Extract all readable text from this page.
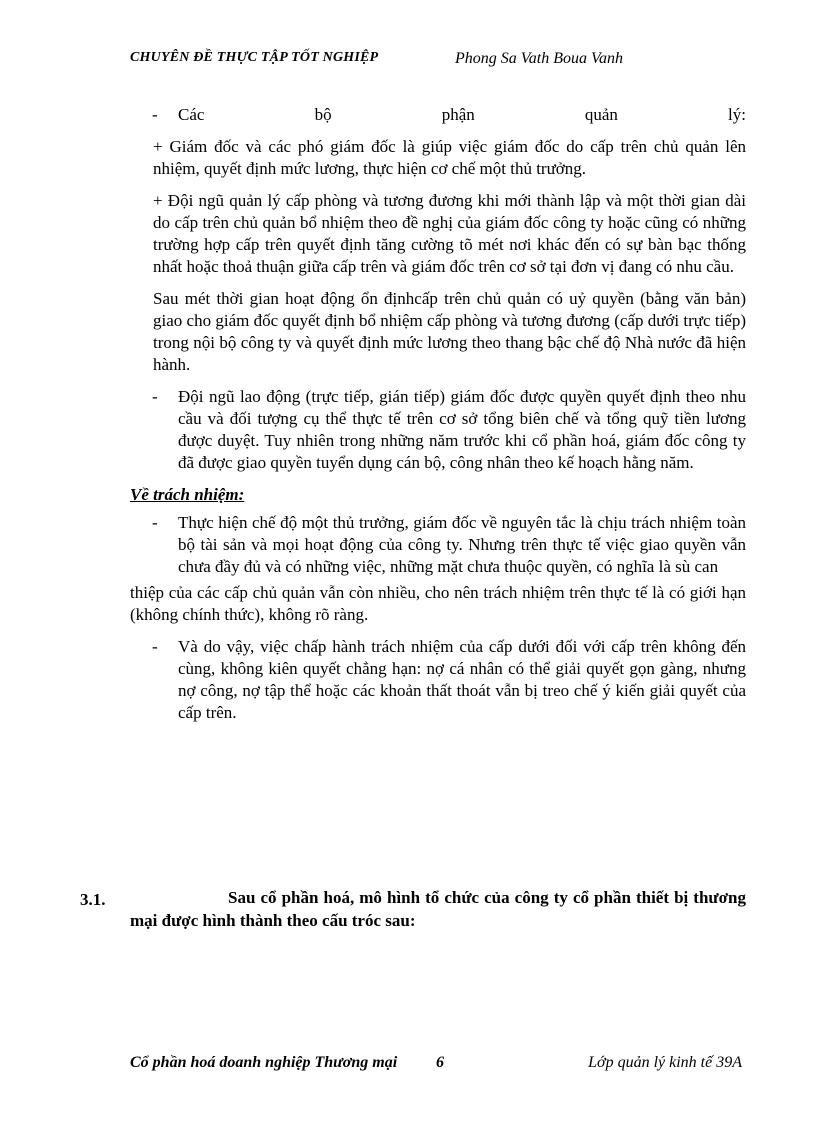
CHUYÊN ĐỀ THỰC TẬP TỐT NGHIỆP	Phong Sa Vath Boua Vanh
- Các bộ phận quản lý:

+ Giám đốc và các phó giám đốc là giúp việc giám đốc do cấp trên chủ quản lên nhiệm, quyết định mức lương, thực hiện cơ chế một thủ trưởng.

+ Đội ngũ quản lý cấp phòng và tương đương khi mới thành lập và một thời gian dài do cấp trên chủ quản bổ nhiệm theo đề nghị của giám đốc công ty hoặc cũng có những trường hợp cấp trên quyết định tăng cường tõ mét nơi khác đến có sự bàn bạc thống nhất hoặc thoả thuận giữa cấp trên và giám đốc trên cơ sở tại đơn vị đang có nhu cầu.

Sau mét thời gian hoạt động ổn địnhcấp trên chủ quản có uỷ quyền (bằng văn bản) giao cho giám đốc quyết định bổ nhiệm cấp phòng và tương đương (cấp dưới trực tiếp) trong nội bộ công ty và quyết định mức lương theo thang bậc chế độ Nhà nước đã hiện hành.

- Đội ngũ lao động (trực tiếp, gián tiếp) giám đốc được quyền quyết định theo nhu cầu và đối tượng cụ thể thực tế trên cơ sở tổng biên chế và tổng quỹ tiền lương được duyệt. Tuy nhiên trong những năm trước khi cổ phần hoá, giám đốc công ty đã được giao quyền tuyển dụng cán bộ, công nhân theo kế hoạch hằng năm.

Về trách nhiệm:

- Thực hiện chế độ một thủ trưởng, giám đốc về nguyên tắc là chịu trách nhiệm toàn bộ tài sản và mọi hoạt động của công ty. Nhưng trên thực tế việc giao quyền vẫn chưa đầy đủ và có những việc, những mặt chưa thuộc quyền, có nghĩa là sù can

thiệp của các cấp chủ quản vẫn còn nhiều, cho nên trách nhiệm trên thực tế là có giới hạn (không chính thức), không rõ ràng.

- Và do vậy, việc chấp hành trách nhiệm của cấp dưới đối với cấp trên không đến cùng, không kiên quyết chẳng hạn: nợ cá nhân có thể giải quyết gọn gàng, nhưng nợ công, nợ tập thể hoặc các khoản thất thoát vẫn bị treo chế ý kiến giải quyết của cấp trên.
3.1.	Sau cổ phần hoá, mô hình tổ chức của công ty cổ phần thiết bị thương mại được hình thành theo cấu tróc sau:
Cổ phần hoá doanh nghiệp Thương mại 6	Lớp quản lý kinh tế 39A
